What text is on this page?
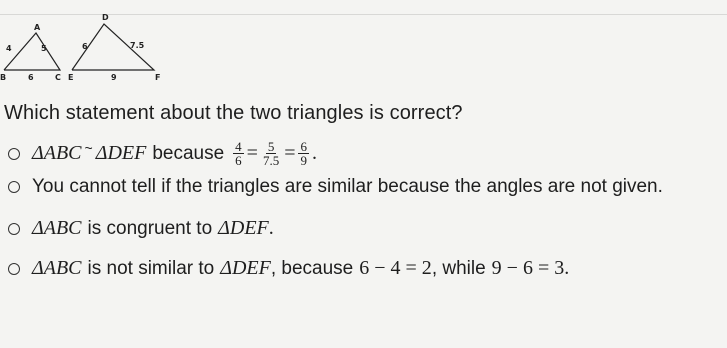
A
B	C
4	5
6
D
E	F
6	7.5
9
Which statement about the two triangles is correct?
ΔABC ~ ΔDEF because $\frac{4}{6} = \frac{5}{7.5} = \frac{6}{9}$ .
You cannot tell if the triangles are similar because the angles are not given.
ΔABC is congruent to ΔDEF .
ΔABC is not similar to ΔDEF , because 6 − 4 = 2 , while 9 − 6 = 3 .
